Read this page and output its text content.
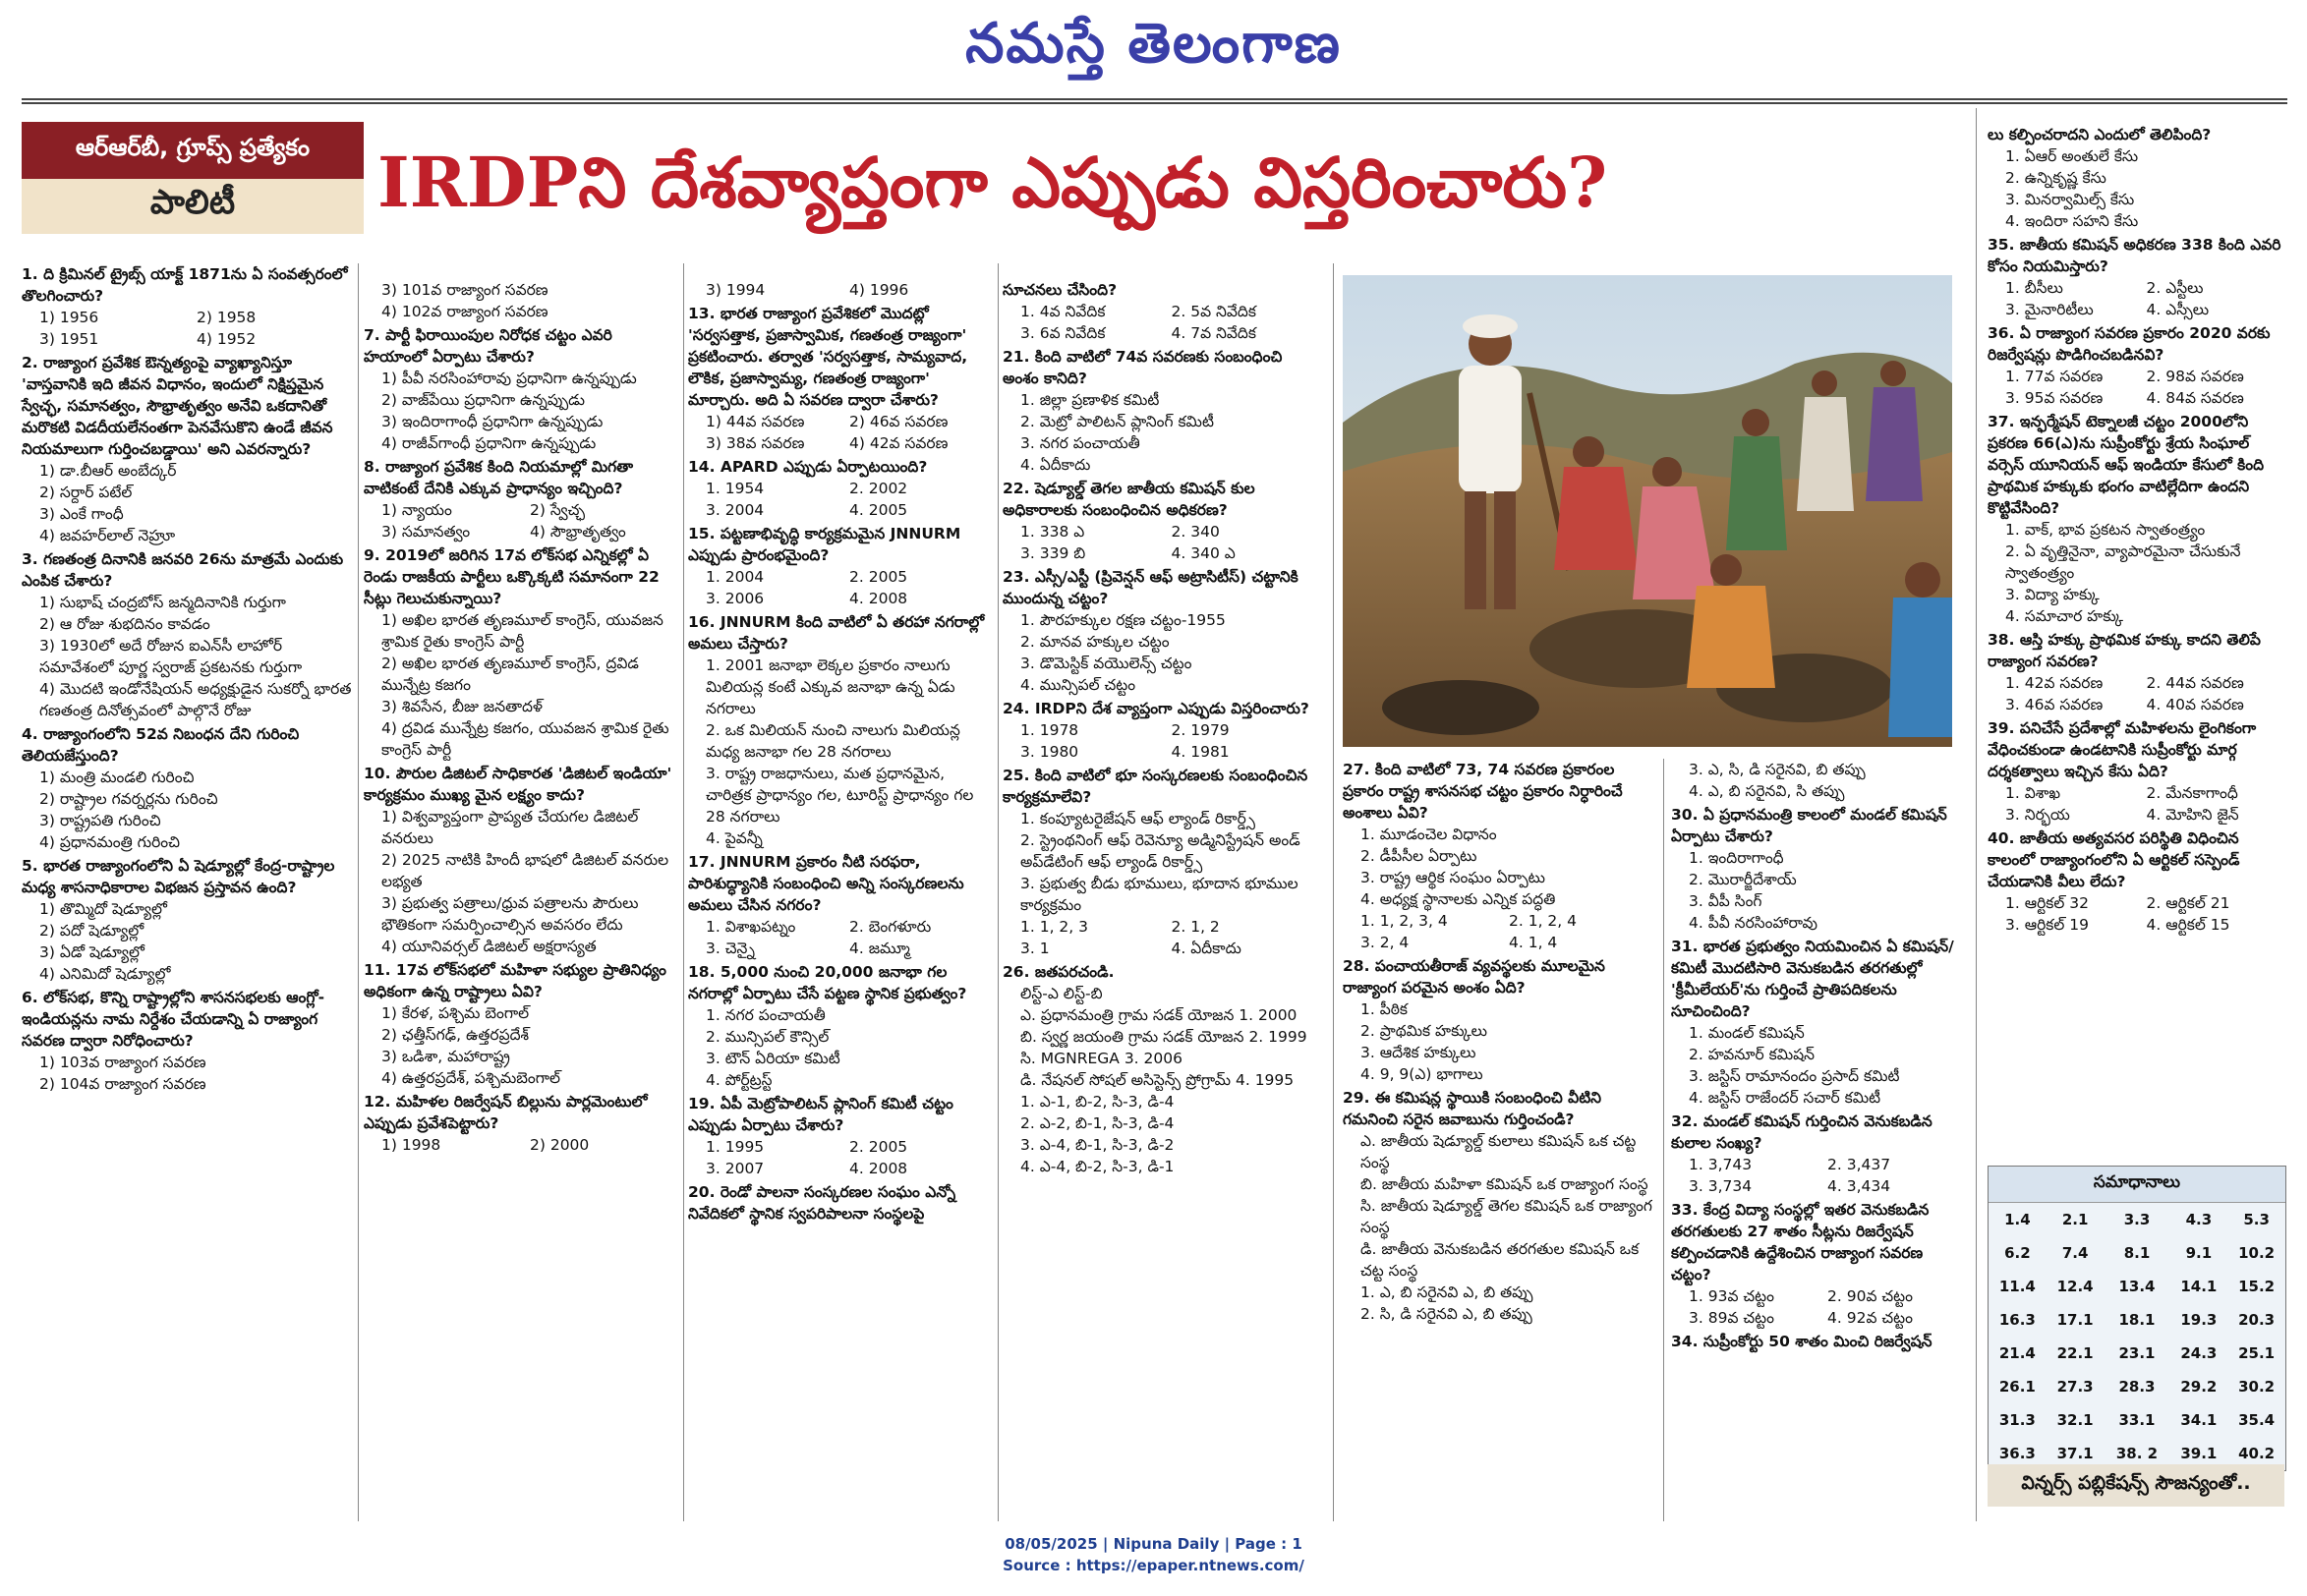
నమస్తే తెలంగాణ
ఆర్‌ఆర్‌బీ, గ్రూప్స్‌ ప్రత్యేకం
పాలిటీ	IRDPని దేశవ్యాప్తంగా ఎప్పుడు విస్తరించారు?
1. ది క్రిమినల్‌ ట్రైబ్స్‌ యాక్ట్‌ 1871ను ఏ సంవత్సరంలో తొలగించారు?
1) 1956	2) 1958
3) 1951	4) 1952
2. రాజ్యాంగ ప్రవేశిక ఔన్నత్యంపై వ్యాఖ్యానిస్తూ 'వాస్తవానికి ఇది జీవన విధానం, ఇందులో నిక్షిప్తమైన స్వేచ్ఛ, సమానత్వం, సౌభ్రాతృత్వం అనేవి ఒకదానితో మరొకటి విడదీయలేనంతగా పెనవేసుకొని ఉండే జీవన నియమాలుగా గుర్తించబడ్డాయి' అని ఎవరన్నారు?
1) డా.బీఆర్‌ అంబేద్కర్‌
2) సర్దార్‌ పటేల్‌
3) ఎంకే గాంధీ
4) జవహర్‌లాల్‌ నెహ్రూ
3. గణతంత్ర దినానికి జనవరి 26ను మాత్రమే ఎందుకు ఎంపిక చేశారు?
1) సుభాష్‌ చంద్రబోస్‌ జన్మదినానికి గుర్తుగా
2) ఆ రోజు శుభదినం కావడం
3) 1930లో అదే రోజున ఐఎన్‌సీ లాహోర్‌ సమావేశంలో పూర్ణ స్వరాజ్‌ ప్రకటనకు గుర్తుగా
4) మొదటి ఇండోనేషియన్‌ అధ్యక్షుడైన సుకర్నో భారత గణతంత్ర దినోత్సవంలో పాల్గొనే రోజు
4. రాజ్యాంగంలోని 52వ నిబంధన దేని గురించి తెలియజేస్తుంది?
1) మంత్రి మండలి గురించి
2) రాష్ట్రాల గవర్నర్లను గురించి
3) రాష్ట్రపతి గురించి
4) ప్రధానమంత్రి గురించి
5. భారత రాజ్యాంగంలోని ఏ షెడ్యూల్లో కేంద్ర-రాష్ట్రాల మధ్య శాసనాధికారాల విభజన ప్రస్తావన ఉంది?
1) తొమ్మిదో షెడ్యూల్లో
2) పదో షెడ్యూల్లో
3) ఏడో షెడ్యూల్లో
4) ఎనిమిదో షెడ్యూల్లో
6. లోక్‌సభ, కొన్ని రాష్ట్రాల్లోని శాసనసభలకు ఆంగ్లో-ఇండియన్లను నామ నిర్దేశం చేయడాన్ని ఏ రాజ్యాంగ సవరణ ద్వారా నిరోధించారు?
1) 103వ రాజ్యాంగ సవరణ
2) 104వ రాజ్యాంగ సవరణ
3) 101వ రాజ్యాంగ సవరణ
4) 102వ రాజ్యాంగ సవరణ
7. పార్టీ ఫిరాయింపుల నిరోధక చట్టం ఎవరి హయాంలో ఏర్పాటు చేశారు?
1) పీవీ నరసింహారావు ప్రధానిగా ఉన్నప్పుడు
2) వాజ్‌పేయి ప్రధానిగా ఉన్నప్పుడు
3) ఇందిరాగాంధీ ప్రధానిగా ఉన్నప్పుడు
4) రాజీవ్‌గాంధీ ప్రధానిగా ఉన్నప్పుడు
8. రాజ్యాంగ ప్రవేశిక కింది నియమాల్లో మిగతా వాటికంటే దేనికి ఎక్కువ ప్రాధాన్యం ఇచ్చింది?
1) న్యాయం	2) స్వేచ్ఛ
3) సమానత్వం	4) సౌభ్రాతృత్వం
9. 2019లో జరిగిన 17వ లోక్‌సభ ఎన్నికల్లో ఏ రెండు రాజకీయ పార్టీలు ఒక్కొక్కటి సమానంగా 22 సీట్లు గెలుచుకున్నాయి?
1) అఖిల భారత తృణమూల్‌ కాంగ్రెస్‌, యువజన శ్రామిక రైతు కాంగ్రెస్‌ పార్టీ
2) అఖిల భారత తృణమూల్‌ కాంగ్రెస్‌, ద్రవిడ మున్నేట్ర కజగం
3) శివసేన, బీజు జనతాదళ్‌
4) ద్రవిడ మున్నేట్ర కజగం, యువజన శ్రామిక రైతు కాంగ్రెస్‌ పార్టీ
10. పౌరుల డిజిటల్‌ సాధికారత 'డిజిటల్‌ ఇండియా' కార్యక్రమం ముఖ్య మైన లక్ష్యం కాదు?
1) విశ్వవ్యాప్తంగా ప్రాప్యత చేయగల డిజిటల్‌ వనరులు
2) 2025 నాటికి హిందీ భాషలో డిజిటల్‌ వనరుల లభ్యత
3) ప్రభుత్వ పత్రాలు/ధ్రువ పత్రాలను పౌరులు భౌతికంగా సమర్పించాల్సిన అవసరం లేదు
4) యూనివర్సల్‌ డిజిటల్‌ అక్షరాస్యత
11. 17వ లోక్‌సభలో మహిళా సభ్యుల ప్రాతినిధ్యం అధికంగా ఉన్న రాష్ట్రాలు ఏవి?
1) కేరళ, పశ్చిమ బెంగాల్‌
2) ఛత్తీస్‌గఢ్‌, ఉత్తరప్రదేశ్‌
3) ఒడిశా, మహారాష్ట్ర
4) ఉత్తరప్రదేశ్‌, పశ్చిమబెంగాల్‌
12. మహిళల రిజర్వేషన్‌ బిల్లును పార్లమెంటులో ఎప్పుడు ప్రవేశపెట్టారు?
1) 1998	2) 2000
3) 1994	4) 1996
13. భారత రాజ్యాంగ ప్రవేశికలో మొదట్లో 'సర్వసత్తాక, ప్రజాస్వామిక, గణతంత్ర రాజ్యంగా' ప్రకటించారు. తర్వాత 'సర్వసత్తాక, సామ్యవాద, లౌకిక, ప్రజాస్వామ్య, గణతంత్ర రాజ్యంగా' మార్చారు. అది ఏ సవరణ ద్వారా చేశారు?
1) 44వ సవరణ	2) 46వ సవరణ
3) 38వ సవరణ	4) 42వ సవరణ
14. APARD ఎప్పుడు ఏర్పాటయింది?
1. 1954	2. 2002
3. 2004	4. 2005
15. పట్టణాభివృద్ధి కార్యక్రమమైన JNNURM ఎప్పుడు ప్రారంభమైంది?
1. 2004	2. 2005
3. 2006	4. 2008
16. JNNURM కింది వాటిలో ఏ తరహా నగరాల్లో అమలు చేస్తారు?
1. 2001 జనాభా లెక్కల ప్రకారం నాలుగు మిలియన్ల కంటే ఎక్కువ జనాభా ఉన్న ఏడు నగరాలు
2. ఒక మిలియన్‌ నుంచి నాలుగు మిలియన్ల మధ్య జనాభా గల 28 నగరాలు
3. రాష్ట్ర రాజధానులు, మత ప్రధానమైన, చారిత్రక ప్రాధాన్యం గల, టూరిస్ట్‌ ప్రాధాన్యం గల 28 నగరాలు
4. పైవన్నీ
17. JNNURM ప్రకారం నీటి సరఫరా, పారిశుద్ధ్యానికి సంబంధించి అన్ని సంస్కరణలను అమలు చేసిన నగరం?
1. విశాఖపట్నం	2. బెంగళూరు
3. చెన్నై	4. జమ్మూ
18. 5,000 నుంచి 20,000 జనాభా గల నగరాల్లో ఏర్పాటు చేసే పట్టణ స్థానిక ప్రభుత్వం?
1. నగర పంచాయతీ
2. మున్సిపల్‌ కౌన్సిల్‌
3. టౌన్‌ ఏరియా కమిటీ
4. పోర్ట్‌ట్రస్ట్‌
19. ఏపీ మెట్రోపాలిటన్‌ ప్లానింగ్‌ కమిటీ చట్టం ఎప్పుడు ఏర్పాటు చేశారు?
1. 1995	2. 2005
3. 2007	4. 2008
20. రెండో పాలనా సంస్కరణల సంఘం ఎన్నో నివేదికలో స్థానిక స్వపరిపాలనా సంస్థలపై
సూచనలు చేసింది?
1. 4వ నివేదిక	2. 5వ నివేదిక
3. 6వ నివేదిక	4. 7వ నివేదిక
21. కింది వాటిలో 74వ సవరణకు సంబంధించి అంశం కానిది?
1. జిల్లా ప్రణాళిక కమిటీ
2. మెట్రో పాలిటన్‌ ప్లానింగ్‌ కమిటీ
3. నగర పంచాయతీ
4. ఏదీకాదు
22. షెడ్యూల్డ్‌ తెగల జాతీయ కమిషన్‌ కుల అధికారాలకు సంబంధించిన అధికరణ?
1. 338 ఎ	2. 340
3. 339 బి	4. 340 ఎ
23. ఎస్సీ/ఎస్టీ (ప్రివెన్షన్‌ ఆఫ్‌ అట్రాసిటీస్‌) చట్టానికి ముందున్న చట్టం?
1. పౌరహక్కుల రక్షణ చట్టం-1955
2. మానవ హక్కుల చట్టం
3. డొమెస్టిక్‌ వయొలెన్స్‌ చట్టం
4. మున్సిపల్‌ చట్టం
24. IRDPని దేశ వ్యాప్తంగా ఎప్పుడు విస్తరించారు?
1. 1978	2. 1979
3. 1980	4. 1981
25. కింది వాటిలో భూ సంస్కరణలకు సంబంధించిన కార్యక్రమాలేవి?
1. కంప్యూటరైజేషన్‌ ఆఫ్‌ ల్యాండ్‌ రికార్డ్స్‌
2. స్ట్రెంథనింగ్‌ ఆఫ్‌ రెవెన్యూ అడ్మినిస్ట్రేషన్‌ అండ్‌ అప్‌డేటింగ్‌ ఆఫ్‌ ల్యాండ్‌ రికార్డ్స్‌
3. ప్రభుత్వ బీడు భూములు, భూదాన భూముల కార్యక్రమం
1. 1, 2, 3	2. 1, 2
3. 1	4. ఏదీకాదు
26. జతపరచండి.
లిస్ట్‌-ఎ లిస్ట్‌-బి
ఎ. ప్రధానమంత్రి గ్రామ సడక్‌ యోజన 1. 2000
బి. స్వర్ణ జయంతి గ్రామ సడక్‌ యోజన 2. 1999
సి. MGNREGA 3. 2006
డి. నేషనల్‌ సోషల్‌ అసిస్టెన్స్‌ ప్రోగ్రామ్‌ 4. 1995
1. ఎ-1, బి-2, సి-3, డి-4
2. ఎ-2, బి-1, సి-3, డి-4
3. ఎ-4, బి-1, సి-3, డి-2
4. ఎ-4, బి-2, సి-3, డి-1
27. కింది వాటిలో 73, 74 సవరణ ప్రకారంల ప్రకారం రాష్ట్ర శాసనసభ చట్టం ప్రకారం నిర్ధారించే అంశాలు ఏవి?
1. మూడంచెల విధానం
2. డీపీసీల ఏర్పాటు
3. రాష్ట్ర ఆర్థిక సంఘం ఏర్పాటు
4. అధ్యక్ష స్థానాలకు ఎన్నిక పద్ధతి
1. 1, 2, 3, 4	2. 1, 2, 4
3. 2, 4	4. 1, 4
28. పంచాయతీరాజ్‌ వ్యవస్థలకు మూలమైన రాజ్యాంగ పరమైన అంశం ఏది?
1. పీఠిక
2. ప్రాథమిక హక్కులు
3. ఆదేశిక హక్కులు
4. 9, 9(ఎ) భాగాలు
29. ఈ కమిషన్ల స్థాయికి సంబంధించి వీటిని గమనించి సరైన జవాబును గుర్తించండి?
ఎ. జాతీయ షెడ్యూల్డ్‌ కులాలు కమిషన్‌ ఒక చట్ట సంస్థ
బి. జాతీయ మహిళా కమిషన్‌ ఒక రాజ్యాంగ సంస్థ
సి. జాతీయ షెడ్యూల్డ్‌ తెగల కమిషన్‌ ఒక రాజ్యాంగ సంస్థ
డి. జాతీయ వెనుకబడిన తరగతుల కమిషన్‌ ఒక చట్ట సంస్థ
1. ఎ, బి సరైనవి ఎ, బి తప్పు
2. సి, డి సరైనవి ఎ, బి తప్పు
3. ఎ, సి, డి సరైనవి, బి తప్పు
4. ఎ, బి సరైనవి, సి తప్పు
30. ఏ ప్రధానమంత్రి కాలంలో మండల్‌ కమిషన్‌ ఏర్పాటు చేశారు?
1. ఇందిరాగాంధీ
2. మొరార్జీదేశాయ్‌
3. వీపీ సింగ్‌
4. పీవీ నరసింహారావు
31. భారత ప్రభుత్వం నియమించిన ఏ కమిషన్‌/కమిటీ మొదటిసారి వెనుకబడిన తరగతుల్లో 'క్రీమీలేయర్‌'ను గుర్తించే ప్రాతిపదికలను సూచించింది?
1. మండల్‌ కమిషన్‌
2. హవనూర్‌ కమిషన్‌
3. జస్టిస్‌ రామానందం ప్రసాద్‌ కమిటీ
4. జస్టిస్‌ రాజేందర్‌ సచార్‌ కమిటీ
32. మండల్‌ కమిషన్‌ గుర్తించిన వెనుకబడిన కులాల సంఖ్య?
1. 3,743	2. 3,437
3. 3,734	4. 3,434
33. కేంద్ర విద్యా సంస్థల్లో ఇతర వెనుకబడిన తరగతులకు 27 శాతం సీట్లను రిజర్వేషన్‌ కల్పించడానికి ఉద్దేశించిన రాజ్యాంగ సవరణ చట్టం?
1. 93వ చట్టం	2. 90వ చట్టం
3. 89వ చట్టం	4. 92వ చట్టం
34. సుప్రీంకోర్టు 50 శాతం మించి రిజర్వేషన్‌
లు కల్పించరాదని ఎందులో తెలిపింది?
1. ఏఆర్‌ అంతులే కేసు
2. ఉన్నికృష్ణ కేసు
3. మినర్వామిల్స్‌ కేసు
4. ఇందిరా సహని కేసు
35. జాతీయ కమిషన్‌ అధికరణ 338 కింది ఎవరి కోసం నియమిస్తారు?
1. బీసీలు	2. ఎస్టీలు
3. మైనారిటీలు	4. ఎస్సీలు
36. ఏ రాజ్యాంగ సవరణ ప్రకారం 2020 వరకు రిజర్వేషన్లు పొడిగించబడినవి?
1. 77వ సవరణ	2. 98వ సవరణ
3. 95వ సవరణ	4. 84వ సవరణ
37. ఇన్ఫర్మేషన్‌ టెక్నాలజీ చట్టం 2000లోని ప్రకరణ 66(ఎ)ను సుప్రీంకోర్టు శ్రేయ సింఘాల్‌ వర్సెస్‌ యూనియన్‌ ఆఫ్‌ ఇండియా కేసులో కింది ప్రాథమిక హక్కుకు భంగం వాటిల్లేదిగా ఉందని కొట్టివేసింది?
1. వాక్‌, భావ ప్రకటన స్వాతంత్ర్యం
2. ఏ వృత్తినైనా, వ్యాపారమైనా చేసుకునే స్వాతంత్ర్యం
3. విద్యా హక్కు
4. సమాచార హక్కు
38. ఆస్తి హక్కు ప్రాథమిక హక్కు కాదని తెలిపే రాజ్యాంగ సవరణ?
1. 42వ సవరణ	2. 44వ సవరణ
3. 46వ సవరణ	4. 40వ సవరణ
39. పనిచేసే ప్రదేశాల్లో మహిళలను లైంగికంగా వేధించకుండా ఉండటానికి సుప్రీంకోర్టు మార్గ దర్శకత్వాలు ఇచ్చిన కేసు ఏది?
1. విశాఖ	2. మేనకాగాంధీ
3. నిర్భయ	4. మోహిని జైన్‌
40. జాతీయ అత్యవసర పరిస్థితి విధించిన కాలంలో రాజ్యాంగంలోని ఏ ఆర్టికల్‌ సస్పెండ్‌ చేయడానికి వీలు లేదు?
1. ఆర్టికల్‌ 32	2. ఆర్టికల్‌ 21
3. ఆర్టికల్‌ 19	4. ఆర్టికల్‌ 15
సమాధానాలు
1.4	2.1	3.3	4.3	5.3
6.2	7.4	8.1	9.1	10.2
11.4	12.4	13.4	14.1	15.2
16.3	17.1	18.1	19.3	20.3
21.4	22.1	23.1	24.3	25.1
26.1	27.3	28.3	29.2	30.2
31.3	32.1	33.1	34.1	35.4
36.3	37.1	38. 2	39.1	40.2
విన్నర్స్‌ పబ్లికేషన్స్‌ సౌజన్యంతో..
08/05/2025 | Nipuna Daily | Page : 1
Source : https://epaper.ntnews.com/
